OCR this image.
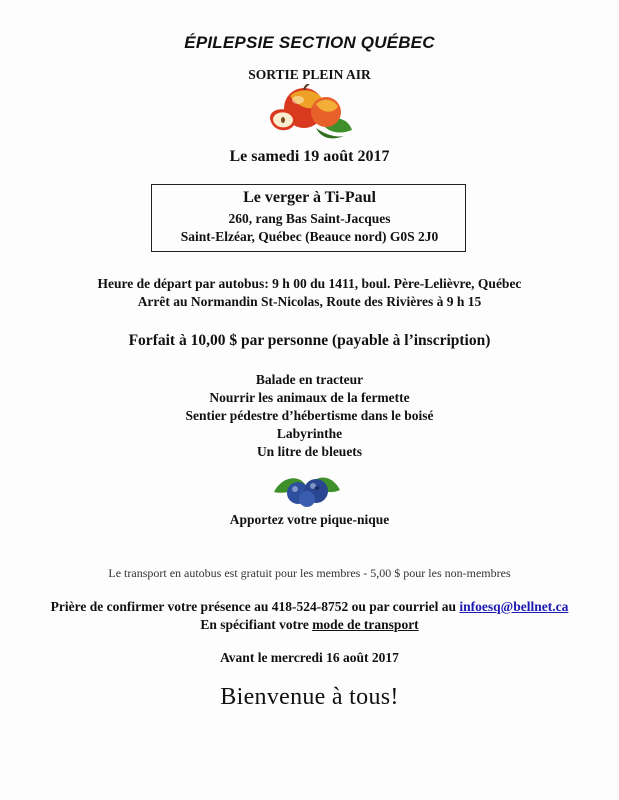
ÉPILEPSIE SECTION QUÉBEC
SORTIE PLEIN AIR
Le samedi 19 août 2017
Le verger à Ti-Paul
260, rang Bas Saint-Jacques
Saint-Elzéar, Québec (Beauce nord) G0S 2J0
Heure de départ par autobus: 9 h 00 du 1411, boul. Père-Lelièvre, Québec
Arrêt au Normandin St-Nicolas, Route des Rivières à 9 h 15
Forfait à 10,00 $ par personne (payable à l’inscription)
Balade en tracteur
Nourrir les animaux de la fermette
Sentier pédestre d’hébertisme dans le boisé
Labyrinthe
Un litre de bleuets
Apportez votre pique-nique
Le transport en autobus est gratuit pour les membres - 5,00 $ pour les non-membres
Prière de confirmer votre présence au 418-524-8752 ou par courriel au infoesq@bellnet.ca
En spécifiant votre mode de transport
Avant le mercredi 16 août 2017
Bienvenue à tous!
